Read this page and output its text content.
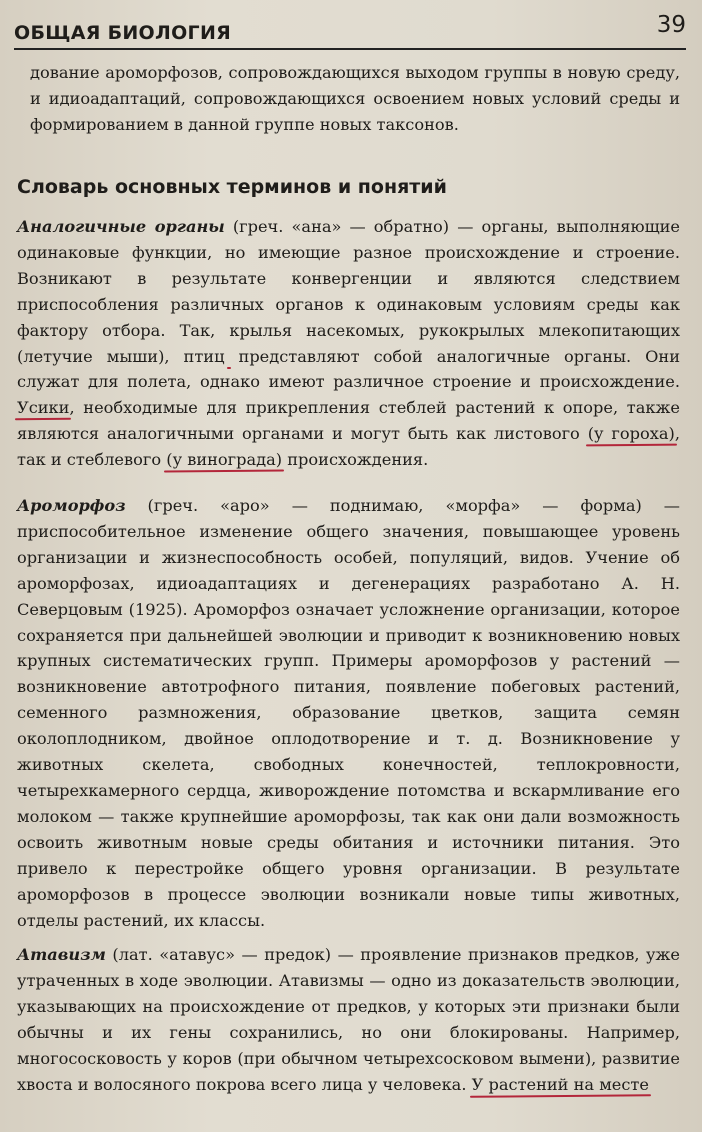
ОБЩАЯ БИОЛОГИЯ	39

дование ароморфозов, сопровождающихся выходом группы в новую среду, и идиоадаптаций, сопровождающихся освоением новых условий среды и формированием в данной группе новых таксонов.

Словарь основных терминов и понятий

Аналогичные органы (греч. «ана» — обратно) — органы, выполняющие одинаковые функции, но имеющие разное происхождение и строение. Возникают в результате конвергенции и являются следствием приспособления различных органов к одинаковым условиям среды как фактору отбора. Так, крылья насекомых, рукокрылых млекопитающих (летучие мыши), птиц представляют собой аналогичные органы. Они служат для полета, однако имеют различное строение и происхождение. Усики, необходимые для прикрепления стеблей растений к опоре, также являются аналогичными органами и могут быть как листового (у гороха), так и стеблевого (у винограда) происхождения.

Ароморфоз (греч. «аро» — поднимаю, «морфа» — форма) — приспособительное изменение общего значения, повышающее уровень организации и жизнеспособность особей, популяций, видов. Учение об ароморфозах, идиоадаптациях и дегенерациях разработано А. Н. Северцовым (1925). Ароморфоз означает усложнение организации, которое сохраняется при дальнейшей эволюции и приводит к возникновению новых крупных систематических групп. Примеры ароморфозов у растений — возникновение автотрофного питания, появление побеговых растений, семенного размножения, образование цветков, защита семян околоплодником, двойное оплодотворение и т. д. Возникновение у животных скелета, свободных конечностей, теплокровности, четырехкамерного сердца, живорождение потомства и вскармливание его молоком — также крупнейшие ароморфозы, так как они дали возможность освоить животным новые среды обитания и источники питания. Это привело к перестройке общего уровня организации. В результате ароморфозов в процессе эволюции возникали новые типы животных, отделы растений, их классы.

Атавизм (лат. «атавус» — предок) — проявление признаков предков, уже утраченных в ходе эволюции. Атавизмы — одно из доказательств эволюции, указывающих на происхождение от предков, у которых эти признаки были обычны и их гены сохранились, но они блокированы. Например, многососковость у коров (при обычном четырехсосковом вымени), развитие хвоста и волосяного покрова всего лица у человека. У растений на месте
